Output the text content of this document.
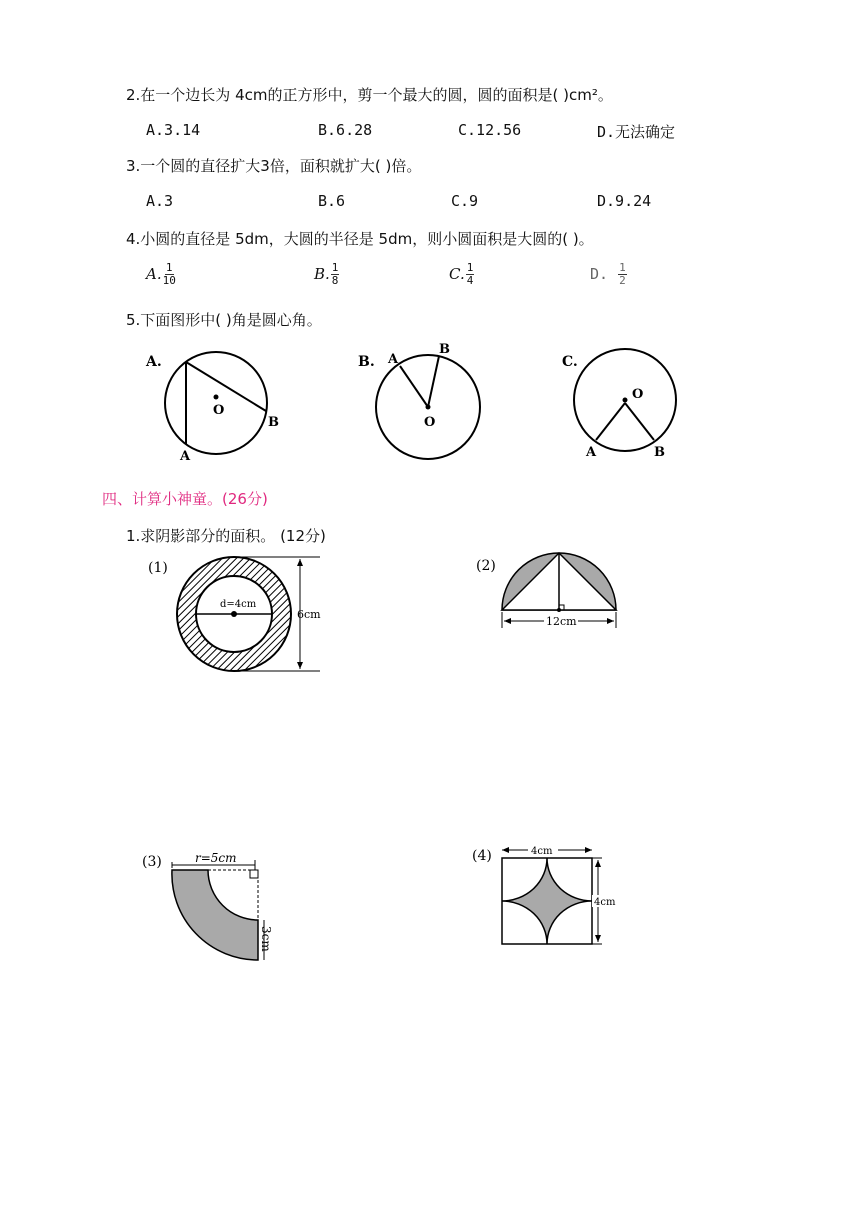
2.在一个边长为 4cm的正方形中，剪一个最大的圆，圆的面积是( )cm²。
A.3.14	B.6.28	C.12.56	D.无法确定
3.一个圆的直径扩大3倍，面积就扩大( )倍。
A.3	B.6	C.9	D.9.24
4.小圆的直径是 5dm，大圆的半径是 5dm，则小圆面积是大圆的( )。
A. $\frac{1}{10}$	B. $\frac{1}{8}$	C. $\frac{1}{4}$	D. $\frac{1}{2}$
5.下面图形中( )角是圆心角。
A.
O
A
B
B.
O
A
B
C.
O
A	B
四、计算小神童。(26分)
1.求阴影部分的面积。 (12分)
(1)
d=4cm
6cm
(2)
12cm
(3)	r=5cm
3cm
(4)	4cm
4cm
